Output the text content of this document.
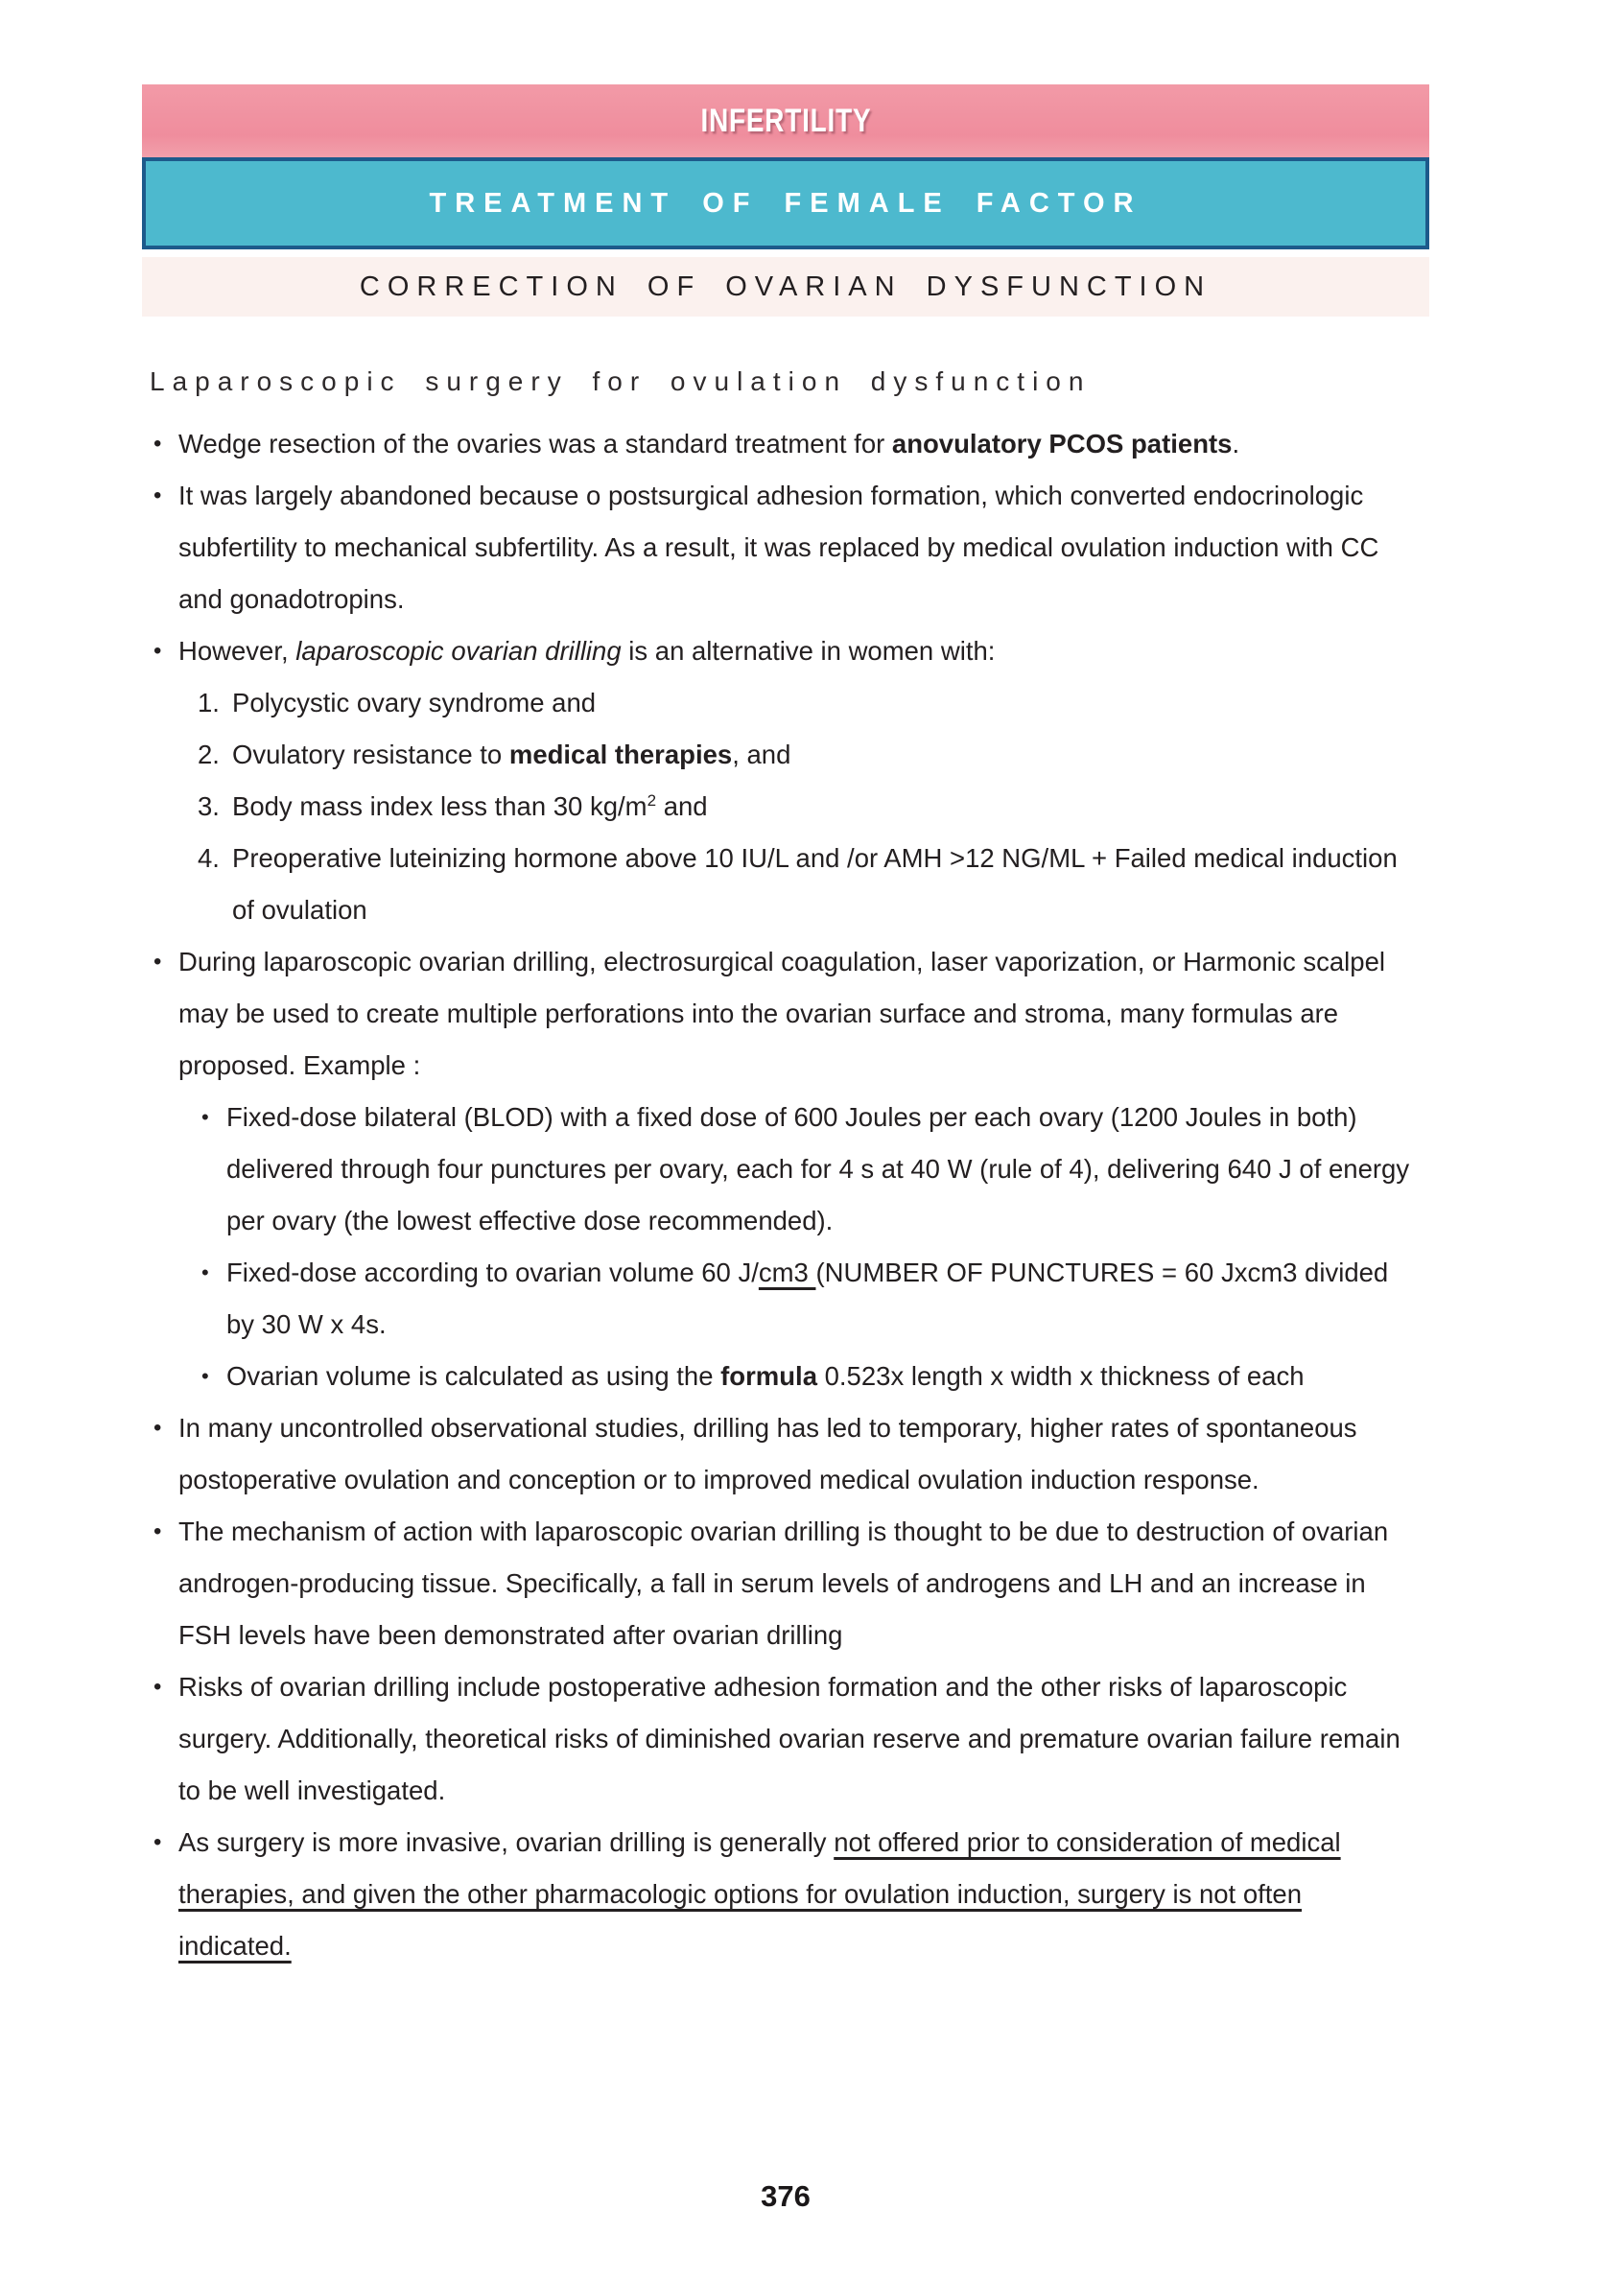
INFERTILITY
TREATMENT OF FEMALE FACTOR
CORRECTION OF OVARIAN DYSFUNCTION
Laparoscopic surgery for ovulation dysfunction
• Wedge resection of the ovaries was a standard treatment for anovulatory PCOS patients.
• It was largely abandoned because o postsurgical adhesion formation, which converted endocrinologic subfertility to mechanical subfertility. As a result, it was replaced by medical ovulation induction with CC and gonadotropins.
• However, laparoscopic ovarian drilling is an alternative in women with:
1. Polycystic ovary syndrome and
2. Ovulatory resistance to medical therapies, and
3. Body mass index less than 30 $kg/m^2$ and
4. Preoperative luteinizing hormone above 10 IU/L and /or AMH >12 NG/ML + Failed medical induction of ovulation
• During laparoscopic ovarian drilling, electrosurgical coagulation, laser vaporization, or Harmonic scalpel may be used to create multiple perforations into the ovarian surface and stroma, many formulas are proposed. Example :
• Fixed-dose bilateral (BLOD) with a fixed dose of 600 Joules per each ovary (1200 Joules in both) delivered through four punctures per ovary, each for 4 s at 40 W (rule of 4), delivering 640 J of energy per ovary (the lowest effective dose recommended).
• Fixed-dose according to ovarian volume 60 J/cm3 (NUMBER OF PUNCTURES = 60 Jxcm3 divided by 30 W x 4s.
• Ovarian volume is calculated as using the formula 0.523x length x width x thickness of each
• In many uncontrolled observational studies, drilling has led to temporary, higher rates of spontaneous postoperative ovulation and conception or to improved medical ovulation induction response.
• The mechanism of action with laparoscopic ovarian drilling is thought to be due to destruction of ovarian androgen-producing tissue. Specifically, a fall in serum levels of androgens and LH and an increase in FSH levels have been demonstrated after ovarian drilling
• Risks of ovarian drilling include postoperative adhesion formation and the other risks of laparoscopic surgery. Additionally, theoretical risks of diminished ovarian reserve and premature ovarian failure remain to be well investigated.
• As surgery is more invasive, ovarian drilling is generally not offered prior to consideration of medical therapies, and given the other pharmacologic options for ovulation induction, surgery is not often indicated.
376
